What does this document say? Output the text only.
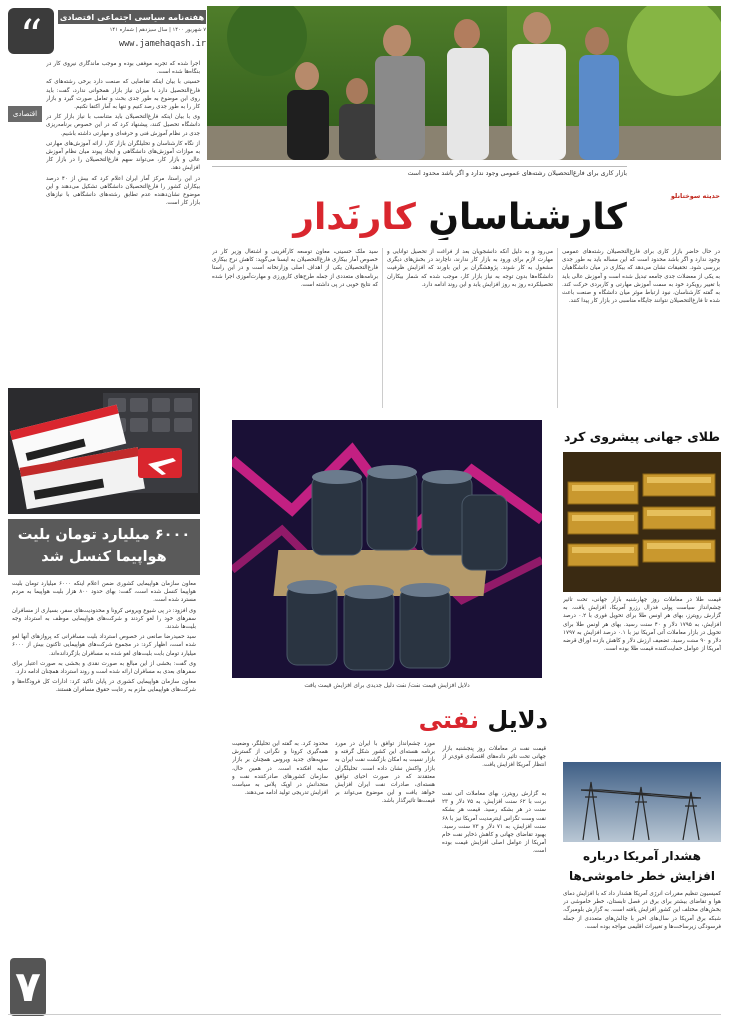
“	هفته‌نامه سیاسی اجتماعی اقتصادی
۷ شهریور ۱۴۰۰ | سال سیزدهم | شماره ۱۴۱
www.jamehaqash.ir

اجرا شده که تجربه موفقی بوده و موجب ماندگاری نیروی کار در بنگاه‌ها شده است.

حسینی با بیان اینکه تقاضایی که صنعت دارد برخی رشته‌های که فارغ‌التحصیل دارد با میزان نیاز بازار همخوانی ندارد، گفت: باید روی این موضوع به طور جدی بحث و تعامل صورت گیرد و بازار کار را به طور جدی رصد کنیم و تنها به آمار اکتفا نکنیم.

وی با بیان اینکه فارغ‌التحصیلان باید متناسب با نیاز بازار کار در دانشگاه تحصیل کنند، پیشنهاد کرد که در این خصوص برنامه‌ریزی جدی در نظام آموزش فنی و حرفه‌ای و مهارتی داشته باشیم.

از نگاه کارشناسان و تحلیلگران بازار کار، ارائه آموزش‌های مهارتی به موازات آموزش‌های دانشگاهی و ایجاد پیوند میان نظام آموزش عالی و بازار کار، می‌تواند سهم فارغ‌التحصیلان را در بازار کار افزایش دهد.

در این راستا، مرکز آمار ایران اعلام کرد که بیش از ۴۰ درصد بیکاران کشور را فارغ‌التحصیلان دانشگاهی تشکیل می‌دهند و این موضوع نشان‌دهنده عدم تطابق رشته‌های دانشگاهی با نیازهای بازار کار است.

اقتصادی
بازار کاری برای فارغ‌التحصیلان رشته‌های عمومی وجود ندارد و اگر باشد محدود است
حدیثه سوختانلو
کارشناسانِ کارنَدار
در حال حاضر بازار کاری برای فارغ‌التحصیلان رشته‌های عمومی وجود ندارد و اگر باشد محدود است که این مساله باید به طور جدی بررسی شود. تحقیقات نشان می‌دهد که بیکاری در میان دانشگاهیان به یکی از معضلات جدی جامعه تبدیل شده است و آموزش عالی باید با تغییر رویکرد خود به سمت آموزش مهارتی و کاربردی حرکت کند. به گفته کارشناسان، نبود ارتباط موثر میان دانشگاه و صنعت باعث شده تا فارغ‌التحصیلان نتوانند جایگاه مناسبی در بازار کار پیدا کنند.
می‌رود و به دلیل آنکه دانشجویان بعد از فراغت از تحصیل توانایی و مهارت لازم برای ورود به بازار کار ندارند، ناچارند در بخش‌های دیگری مشغول به کار شوند. پژوهشگران بر این باورند که افزایش ظرفیت دانشگاه‌ها بدون توجه به نیاز بازار کار، موجب شده که شمار بیکاران تحصیلکرده روز به روز افزایش یابد و این روند ادامه دارد.
سید ملک حسینی، معاون توسعه کارآفرینی و اشتغال وزیر کار در خصوص آمار بیکاری فارغ‌التحصیلان به ایسنا می‌گوید: کاهش نرخ بیکاری فارغ‌التحصیلان یکی از اهداف اصلی وزارتخانه است و در این راستا برنامه‌های متعددی از جمله طرح‌های کارورزی و مهارت‌آموزی اجرا شده که نتایج خوبی در پی داشته است.
۶۰۰۰ میلیارد تومان بلیت هواپیما کنسل شد

معاون سازمان هواپیمایی کشوری ضمن اعلام اینکه ۶۰۰۰ میلیارد تومان بلیت هواپیما کنسل شده است، گفت: بهای حدود ۸۰۰ هزار بلیت هواپیما به مردم مسترد شده است.

وی افزود: در پی شیوع ویروس کرونا و محدودیت‌های سفر، بسیاری از مسافران سفرهای خود را لغو کردند و شرکت‌های هواپیمایی موظف به استرداد وجه بلیت‌ها شدند.

سید حمیدرضا صانعی در خصوص استرداد بلیت مسافرانی که پروازهای آنها لغو شده است، اظهار کرد: در مجموع شرکت‌های هواپیمایی تاکنون بیش از ۶۰۰۰ میلیارد تومان بابت بلیت‌های لغو شده به مسافران بازگردانده‌اند.

وی گفت: بخشی از این مبالغ به صورت نقدی و بخشی به صورت اعتبار برای سفرهای بعدی به مسافران ارائه شده است و روند استرداد همچنان ادامه دارد.

معاون سازمان هواپیمایی کشوری در پایان تاکید کرد: ادارات کل فرودگاه‌ها و شرکت‌های هواپیمایی ملزم به رعایت حقوق مسافران هستند.

۷
دلایل افزایش قیمت نفت/ نفت دلیل جدیدی برای افزایش قیمت یافت
دلایل نفتی
قیمت نفت در معاملات روز پنجشنبه بازار جهانی تحت تاثیر داده‌های اقتصادی قوی‌تر از انتظار آمریکا افزایش یافت.
به گزارش رویترز، بهای معاملات آتی نفت برنت با ۶۲ سنت افزایش، به ۷۵ دلار و ۲۳ سنت در هر بشکه رسید. قیمت هر بشکه نفت وست تگزاس اینترمدیت آمریکا نیز با ۶۸ سنت افزایش، به ۷۱ دلار و ۷۳ سنت رسید. بهبود تقاضای جهانی و کاهش ذخایر نفت خام آمریکا از عوامل اصلی افزایش قیمت بوده است.
مورد چشم‌انداز توافق با ایران در مورد برنامه هسته‌ای این کشور شکل گرفته و بازار نسبت به امکان بازگشت نفت ایران به بازار واکنش نشان داده است. تحلیلگران معتقدند که در صورت احیای توافق هسته‌ای، صادرات نفت ایران افزایش خواهد یافت و این موضوع می‌تواند بر قیمت‌ها تاثیرگذار باشد.
محدود کرد. به گفته این تحلیلگر، وضعیت همه‌گیری کرونا و نگرانی از گسترش سویه‌های جدید ویروس همچنان بر بازار سایه افکنده است. در همین حال، سازمان کشورهای صادرکننده نفت و متحدانش در اوپک پلاس به سیاست افزایش تدریجی تولید ادامه می‌دهند.
طلای جهانی پیشروی کرد
قیمت طلا در معاملات روز چهارشنبه بازار جهانی، تحت تاثیر چشم‌انداز سیاست پولی فدرال رزرو آمریکا، افزایش یافت. به گزارش رویترز، بهای هر اونس طلا برای تحویل فوری با ۰.۲ درصد افزایش، به ۱۷۹۵ دلار و ۴۰ سنت رسید. بهای هر اونس طلا برای تحویل در بازار معاملات آتی آمریکا نیز با ۰.۱ درصد افزایش به ۱۷۹۷ دلار و ۹۰ سنت رسید. تضعیف ارزش دلار و کاهش بازده اوراق قرضه آمریکا از عوامل حمایت‌کننده قیمت طلا بوده است.
هشدار آمریکا درباره افزایش خطر خاموشی‌ها
کمیسیون تنظیم مقررات انرژی آمریکا هشدار داد که با افزایش دمای هوا و تقاضای بیشتر برای برق در فصل تابستان، خطر خاموشی در بخش‌های مختلف این کشور افزایش یافته است. به گزارش بلومبرگ، شبکه برق آمریکا در سال‌های اخیر با چالش‌های متعددی از جمله فرسودگی زیرساخت‌ها و تغییرات اقلیمی مواجه بوده است.
